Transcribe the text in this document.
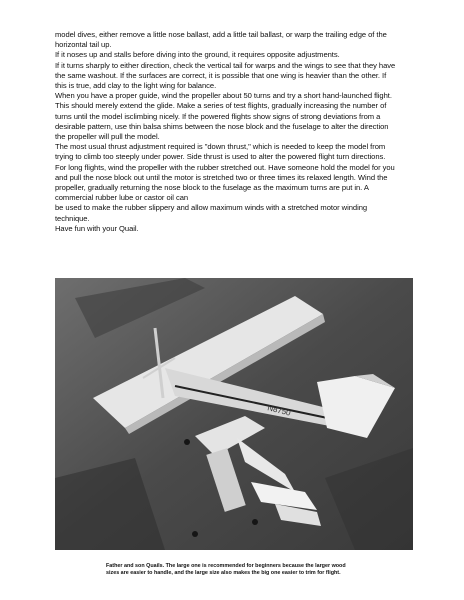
model dives, either remove a little nose ballast, add a little tail ballast, or warp the trailing edge of the

horizontal tail up.

If it noses up and stalls before diving into the ground, it requires opposite adjustments.

If it turns sharply to either direction, check the vertical tail for warps and the wings to see that they have

the same washout. If the surfaces are correct, it is possible that one wing is heavier than the other. If

this is true, add clay to the light wing for balance.

When you have a proper guide, wind the propeller about 50 turns and try a short hand-launched flight.

This should merely extend the glide. Make a series of test flights, gradually increasing the number of

turns until the model isclimbing nicely. If the powered flights show signs of strong deviations from a

desirable pattern, use thin balsa shims between the nose block and the fuselage to alter the direction

the propeller will pull the model.

The most usual thrust adjustment required is "down thrust," which is needed to keep the model from

trying to climb too steeply under power. Side thrust is used to alter the powered flight turn directions.

For long flights, wind the propeller with the rubber stretched out. Have someone hold the model for you

and pull the nose block out until the motor is stretched two or three times its relaxed length. Wind the

propeller, gradually returning the nose block to the fuselage as the maximum turns are put in. A

commercial rubber lube or castor oil can

be used to make the rubber slippery and allow maximum winds with a stretched motor winding

technique.

Have fun with your Quail.

N8750
Father and son Quails. The large one is recommended for beginners because the larger wood
sizes are easier to handle, and the large size also makes the big one easier to trim for flight.
